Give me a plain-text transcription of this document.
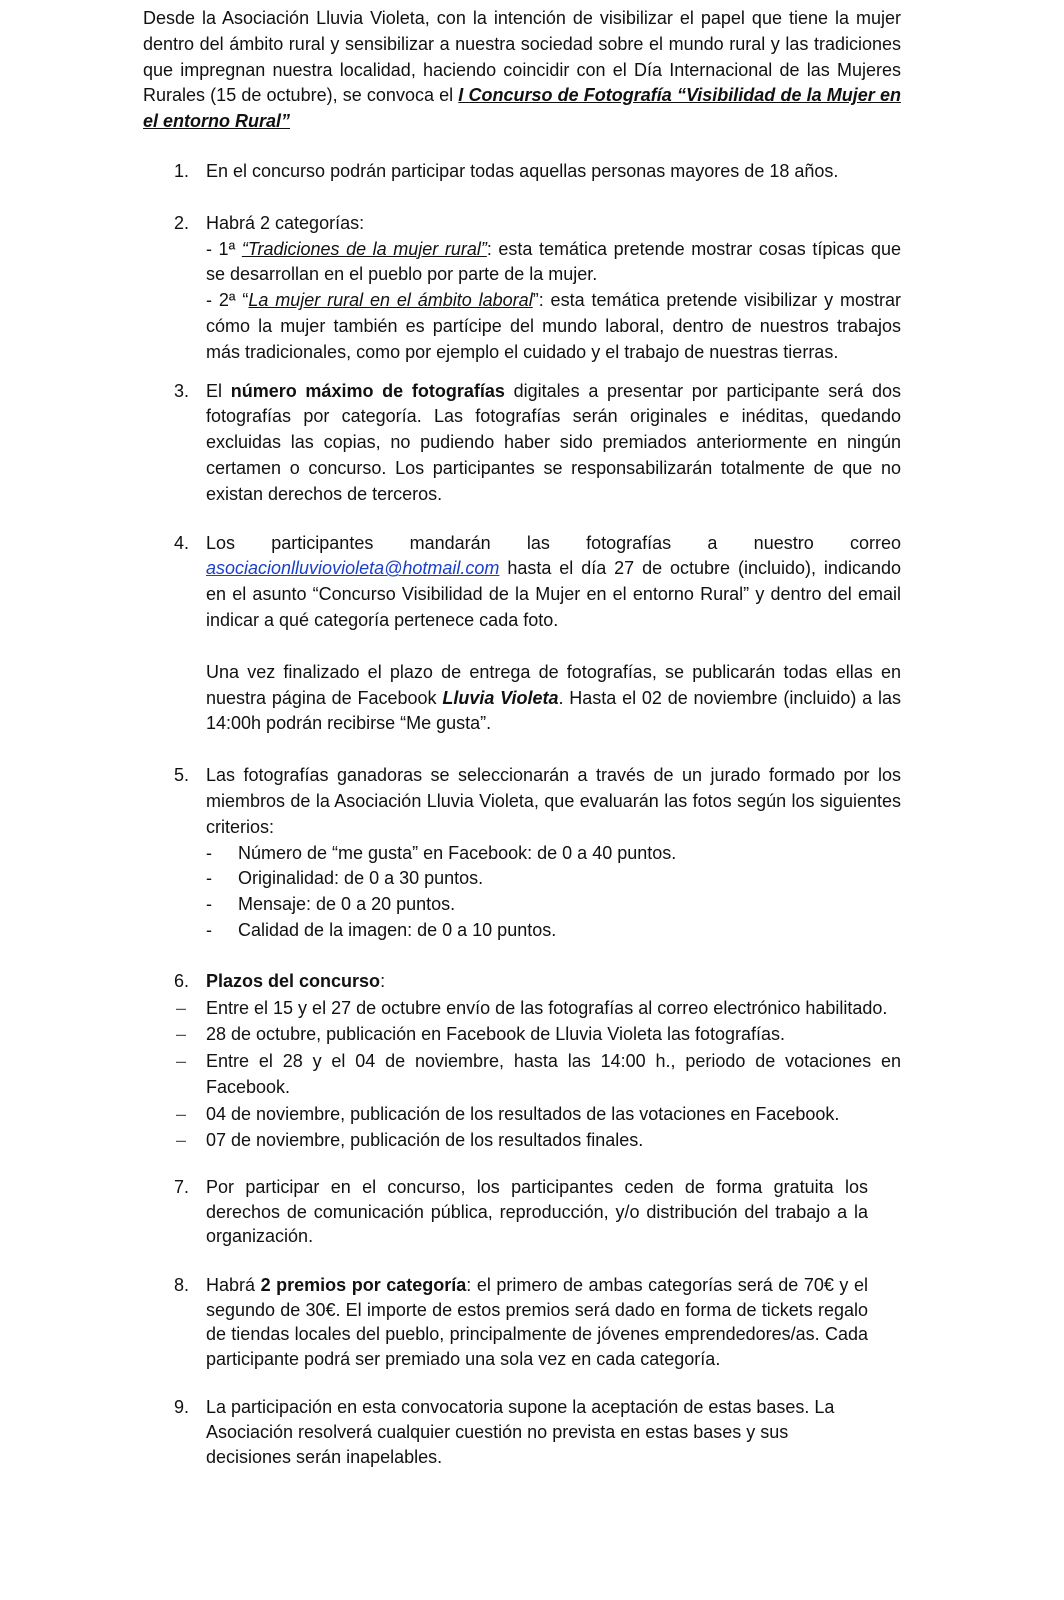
Desde la Asociación Lluvia Violeta, con la intención de visibilizar el papel que tiene la mujer dentro del ámbito rural y sensibilizar a nuestra sociedad sobre el mundo rural y las tradiciones que impregnan nuestra localidad, haciendo coincidir con el Día Internacional de las Mujeres Rurales (15 de octubre), se convoca el I Concurso de Fotografía “Visibilidad de la Mujer en el entorno Rural”

1. En el concurso podrán participar todas aquellas personas mayores de 18 años.

2. Habrá 2 categorías:

- 1ª “Tradiciones de la mujer rural”: esta temática pretende mostrar cosas típicas que se desarrollan en el pueblo por parte de la mujer.

- 2ª “La mujer rural en el ámbito laboral”: esta temática pretende visibilizar y mostrar cómo la mujer también es partícipe del mundo laboral, dentro de nuestros trabajos más tradicionales, como por ejemplo el cuidado y el trabajo de nuestras tierras.

3. El número máximo de fotografías digitales a presentar por participante será dos fotografías por categoría. Las fotografías serán originales e inéditas, quedando excluidas las copias, no pudiendo haber sido premiados anteriormente en ningún certamen o concurso. Los participantes se responsabilizarán totalmente de que no existan derechos de terceros.

4. Los participantes mandarán las fotografías a nuestro correo asociacionlluviovioleta@hotmail.com hasta el día 27 de octubre (incluido), indicando en el asunto “Concurso Visibilidad de la Mujer en el entorno Rural” y dentro del email indicar a qué categoría pertenece cada foto.

Una vez finalizado el plazo de entrega de fotografías, se publicarán todas ellas en nuestra página de Facebook Lluvia Violeta. Hasta el 02 de noviembre (incluido) a las 14:00h podrán recibirse “Me gusta”.

5. Las fotografías ganadoras se seleccionarán a través de un jurado formado por los miembros de la Asociación Lluvia Violeta, que evaluarán las fotos según los siguientes criterios:

- Número de “me gusta” en Facebook: de 0 a 40 puntos.
- Originalidad: de 0 a 30 puntos.
- Mensaje: de 0 a 20 puntos.
- Calidad de la imagen: de 0 a 10 puntos.
6. Plazos del concurso:

– Entre el 15 y el 27 de octubre envío de las fotografías al correo electrónico habilitado.
– 28 de octubre, publicación en Facebook de Lluvia Violeta las fotografías.
– Entre el 28 y el 04 de noviembre, hasta las 14:00 h., periodo de votaciones en Facebook.
– 04 de noviembre, publicación de los resultados de las votaciones en Facebook.
– 07 de noviembre, publicación de los resultados finales.
7. Por participar en el concurso, los participantes ceden de forma gratuita los derechos de comunicación pública, reproducción, y/o distribución del trabajo a la organización.

8. Habrá 2 premios por categoría: el primero de ambas categorías será de 70€ y el segundo de 30€. El importe de estos premios será dado en forma de tickets regalo de tiendas locales del pueblo, principalmente de jóvenes emprendedores/as. Cada participante podrá ser premiado una sola vez en cada categoría.

9. La participación en esta convocatoria supone la aceptación de estas bases. La Asociación resolverá cualquier cuestión no prevista en estas bases y sus decisiones serán inapelables.
